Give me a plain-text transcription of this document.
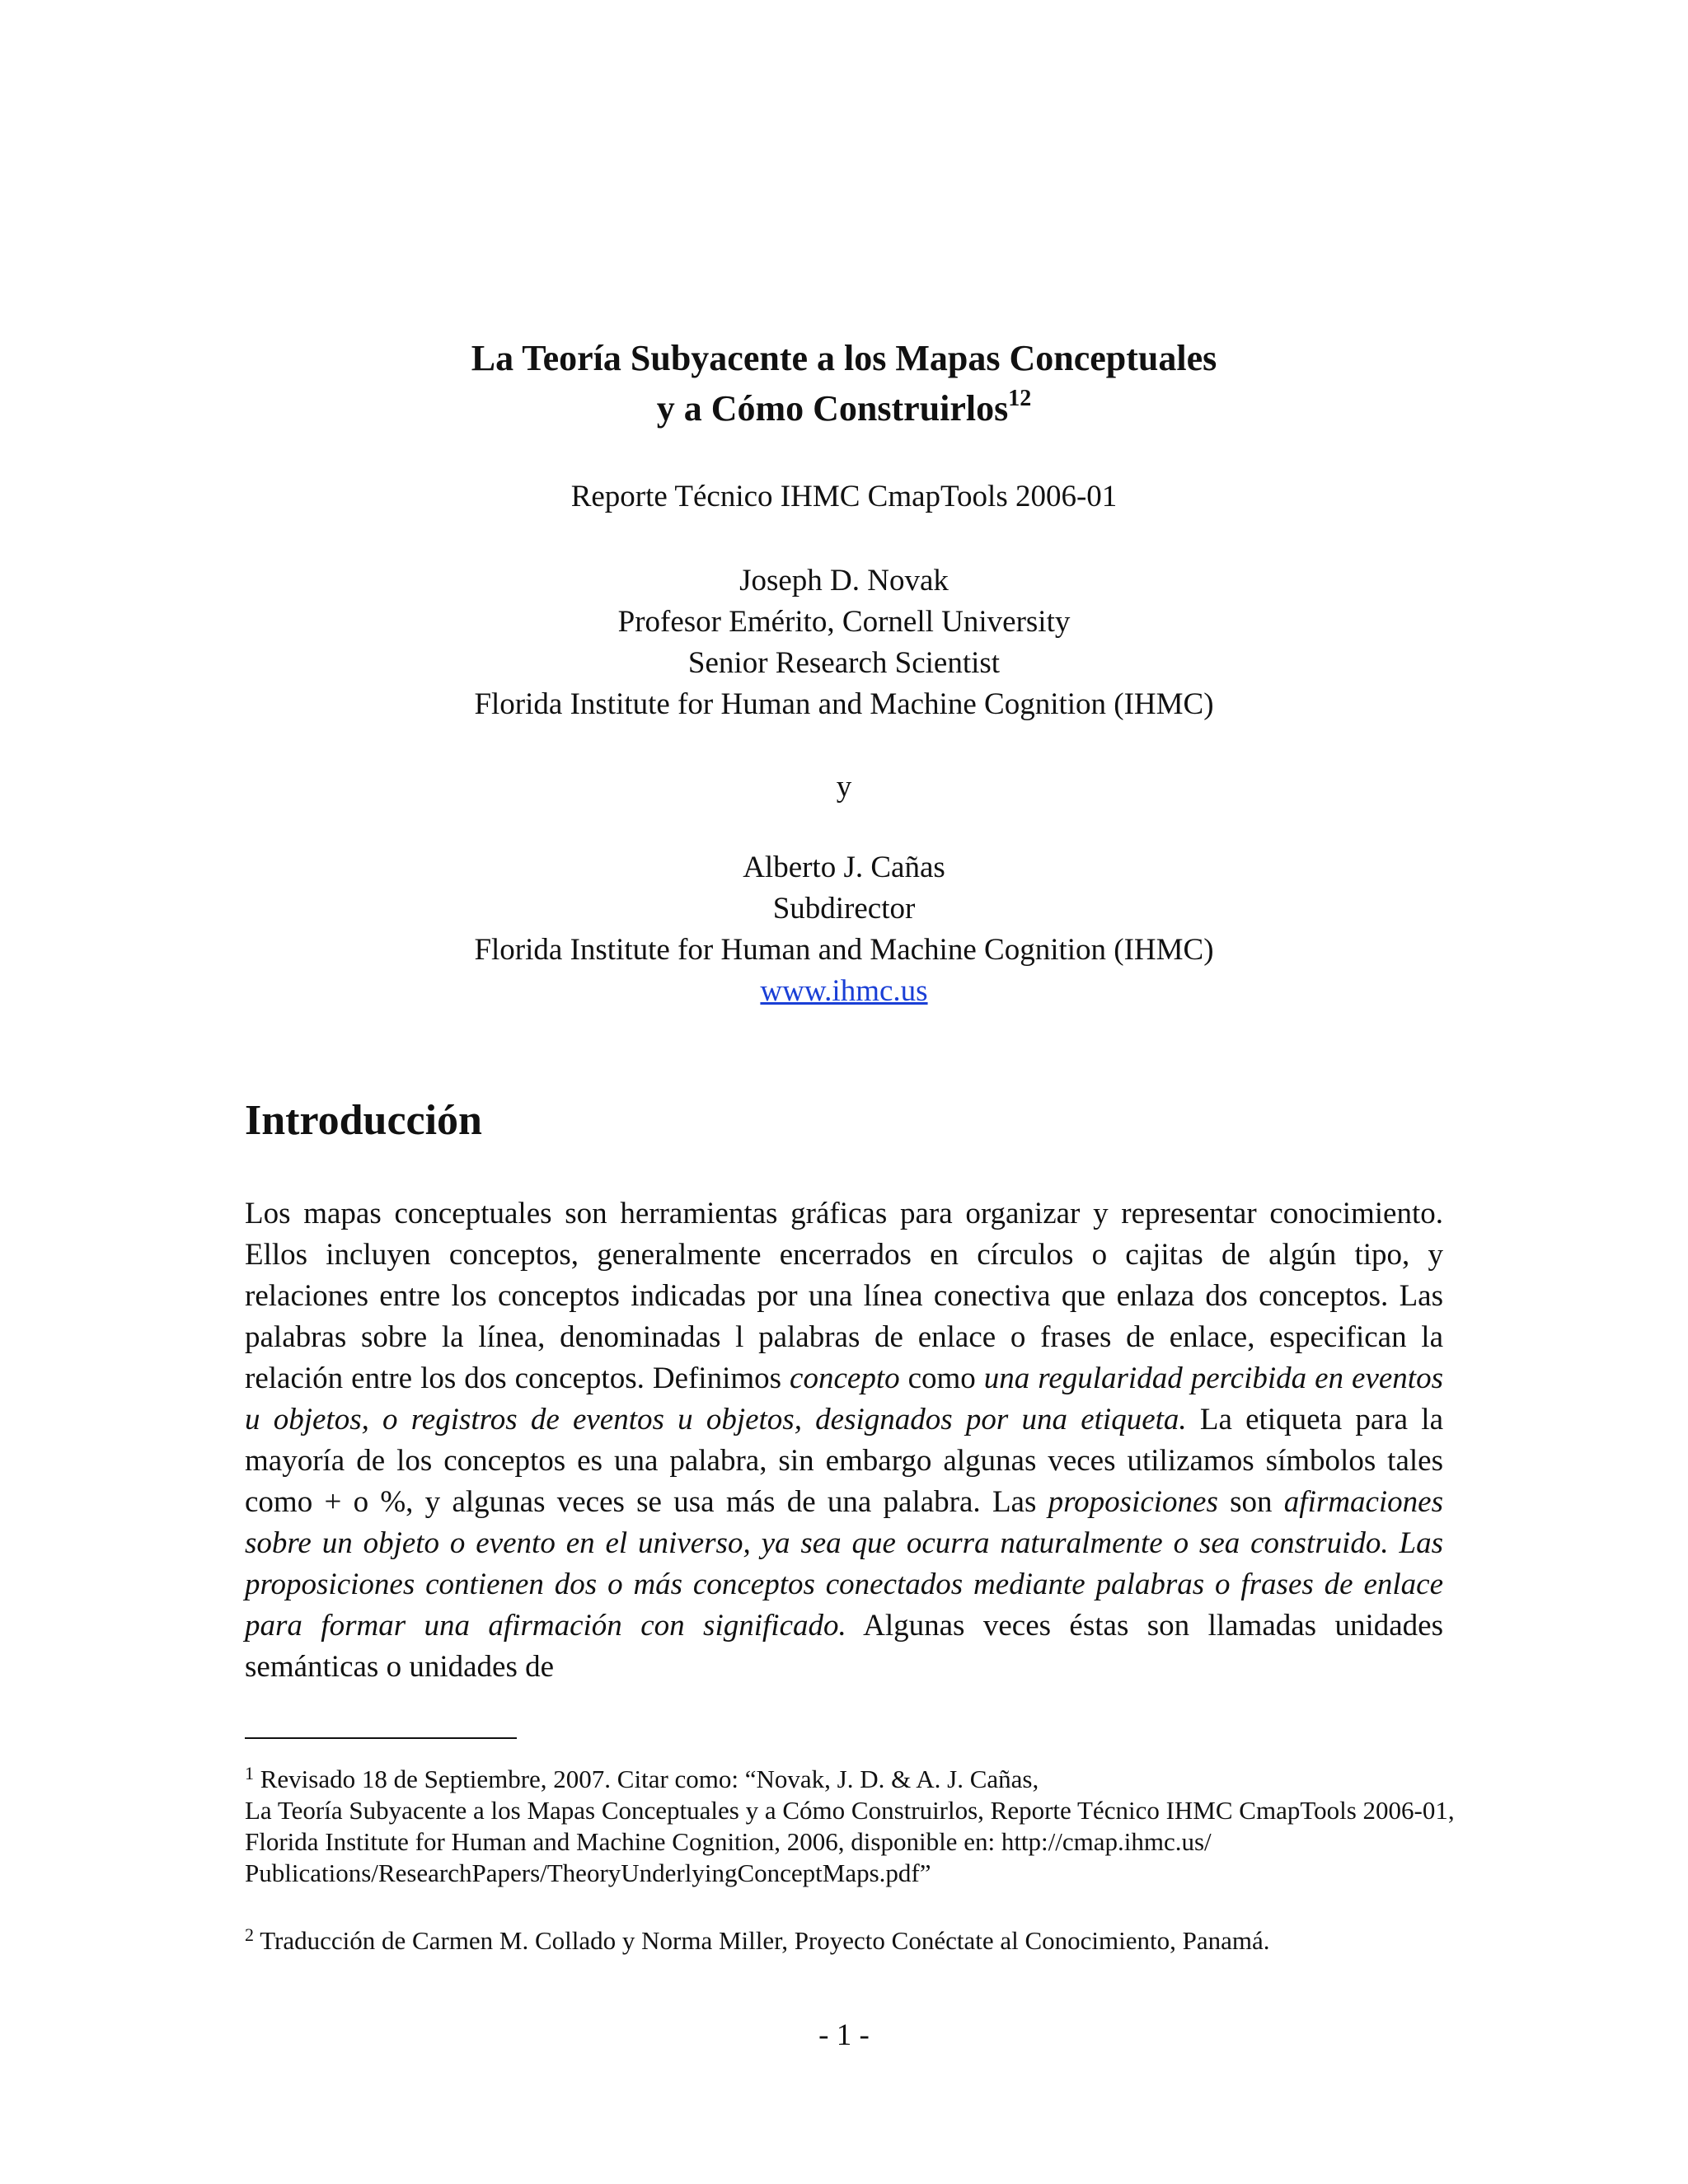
La Teoría Subyacente a los Mapas Conceptuales
y a Cómo Construirlos$^{12}$
Reporte Técnico IHMC CmapTools 2006-01
Joseph D. Novak
Profesor Emérito, Cornell University
Senior Research Scientist
Florida Institute for Human and Machine Cognition (IHMC)
y
Alberto J. Cañas
Subdirector
Florida Institute for Human and Machine Cognition (IHMC)
www.ihmc.us
Introducción
Los mapas conceptuales son herramientas gráficas para organizar y representar conocimiento. Ellos incluyen conceptos, generalmente encerrados en círculos o cajitas de algún tipo, y relaciones entre los conceptos indicadas por una línea conectiva que enlaza dos conceptos. Las palabras sobre la línea, denominadas l palabras de enlace o frases de enlace, especifican la relación entre los dos conceptos. Definimos concepto como una regularidad percibida en eventos u objetos, o registros de eventos u objetos, designados por una etiqueta. La etiqueta para la mayoría de los conceptos es una palabra, sin embargo algunas veces utilizamos símbolos tales como + o %, y algunas veces se usa más de una palabra. Las proposiciones son afirmaciones sobre un objeto o evento en el universo, ya sea que ocurra naturalmente o sea construido. Las proposiciones contienen dos o más conceptos conectados mediante palabras o frases de enlace para formar una afirmación con significado. Algunas veces éstas son llamadas unidades semánticas o unidades de
$^1$ Revisado 18 de Septiembre, 2007. Citar como: “Novak, J. D. & A. J. Cañas,
La Teoría Subyacente a los Mapas Conceptuales y a Cómo Construirlos, Reporte Técnico IHMC CmapTools 2006-01, Florida Institute for Human and Machine Cognition, 2006, disponible en: http://cmap.ihmc.us/ Publications/ResearchPapers/TheoryUnderlyingConceptMaps.pdf”
$^2$ Traducción de Carmen M. Collado y Norma Miller, Proyecto Conéctate al Conocimiento, Panamá.
- 1 -
